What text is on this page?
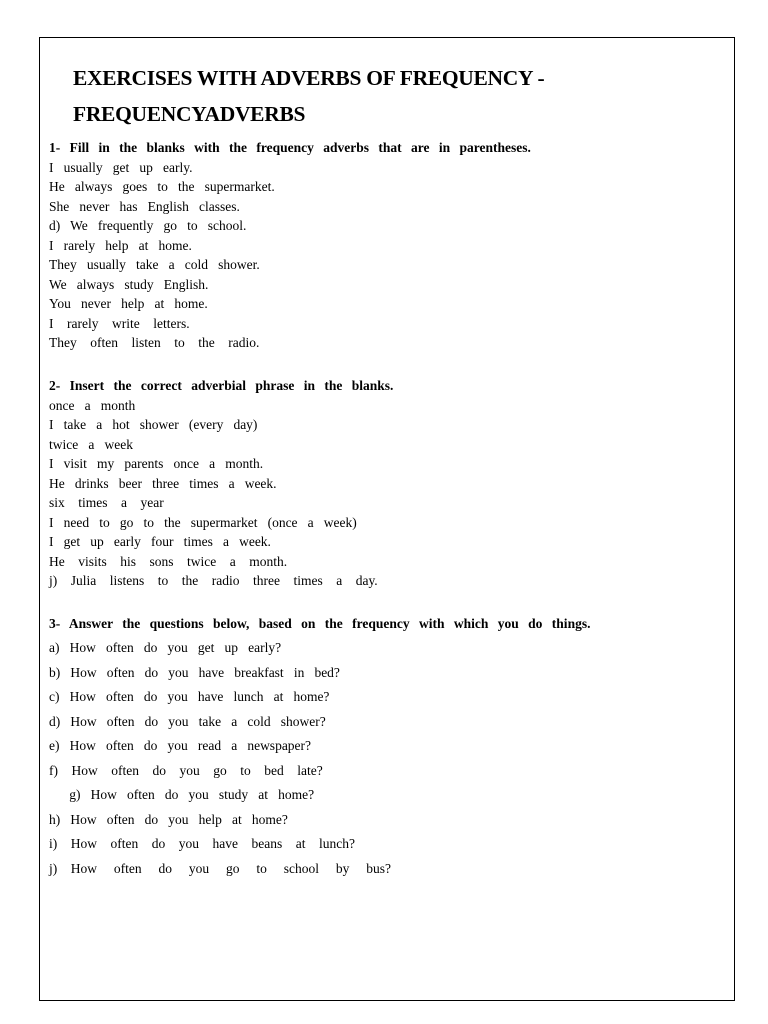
EXERCISES WITH ADVERBS OF FREQUENCY -
FREQUENCYADVERBS
1- Fill in the blanks with the frequency adverbs that are in parentheses.
I   usually   get   up   early.
He   always   goes   to   the   supermarket.
She   never   has   English   classes.
d)   We   frequently   go   to   school.
I   rarely   help   at   home.
They   usually   take   a   cold   shower.
We   always   study   English.
You   never   help   at   home.
I    rarely    write    letters.
They    often    listen    to    the    radio.
2- Insert the correct adverbial phrase in the blanks.
once   a   month
I   take   a   hot   shower   (every   day)
twice   a   week
I   visit   my   parents   once   a   month.
He   drinks   beer   three   times   a   week.
six    times    a    year
I   need   to   go   to   the   supermarket   (once   a   week)
I   get   up   early   four   times   a   week.
He    visits    his    sons    twice    a    month.
j)    Julia    listens    to    the    radio    three    times    a    day.
3- Answer the questions below, based on the frequency with which you do things.
a)   How   often   do   you   get   up   early?
b)   How   often   do   you   have   breakfast   in   bed?
c)   How   often   do   you   have   lunch   at   home?
d)   How   often   do   you   take   a   cold   shower?
e)   How   often   do   you   read   a   newspaper?
f)    How    often    do    you    go    to    bed    late?
g)   How   often   do   you   study   at   home?
h)   How   often   do   you   help   at   home?
i)    How    often    do    you    have    beans    at    lunch?
j)    How     often     do     you     go     to     school     by     bus?
